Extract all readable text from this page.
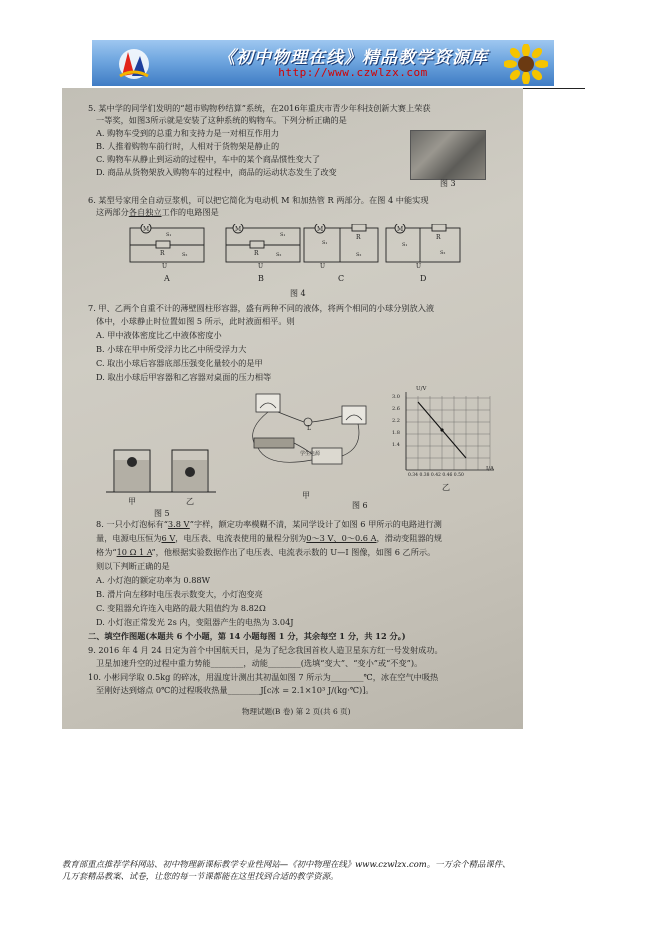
《初中物理在线》精品教学资源库
http://www.czwlzx.com
5. 某中学的同学们发明的“超市购物秒结算”系统，在2016年重庆市青少年科技创新大赛上荣获
一等奖，如图3所示就是安装了这种系统的购物车。下列分析正确的是
A. 购物车受到的总重力和支持力是一对相互作用力
B. 人推着购物车前行时，人相对于货物架是静止的
C. 购物车从静止到运动的过程中，车中的某个商品惯性变大了
D. 商品从货物架放入购物车的过程中，商品的运动状态发生了改变
图 3
6. 某型号家用全自动豆浆机，可以把它简化为电动机 M 和加热管 R 两部分。在图 4 中能实现
这两部分各自独立工作的电路图是
M
R
S₁
S₂
U
M
R
S₁
S₂
U
M
R
S₁
S₂
U
M
R
S₁
S₂
U
A	B	C	D
图 4
7. 甲、乙两个自重不计的薄壁圆柱形容器，盛有两种不同的液体，将两个相同的小球分别放入液
体中，小球静止时位置如图 5 所示，此时液面相平。则
A. 甲中液体密度比乙中液体密度小
B. 小球在甲中所受浮力比乙中所受浮力大
C. 取出小球后容器底部压强变化量较小的是甲
D. 取出小球后甲容器和乙容器对桌面的压力相等
甲	乙
图 5
L
学生电源
甲
U/V
I/A
3.0
2.6
2.2
1.8
1.4
0.34 0.38 0.42 0.46 0.50
乙
图 6
8. 一只小灯泡标有“3.8 V”字样，额定功率模糊不清，某同学设计了如图 6 甲所示的电路进行测
量，电源电压恒为6 V，电压表、电流表使用的量程分别为0～3 V、0～0.6 A，滑动变阻器的规
格为“10 Ω 1 A”，他根据实验数据作出了电压表、电流表示数的 U—I 图像，如图 6 乙所示。
则以下判断正确的是
A. 小灯泡的额定功率为 0.88W
B. 滑片向左移时电压表示数变大，小灯泡变亮
C. 变阻器允许连入电路的最大阻值约为 8.82Ω
D. 小灯泡正常发光 2s 内，变阻器产生的电热为 3.04J
二、填空作图题(本题共 6 个小题，第 14 小题每图 1 分，其余每空 1 分，共 12 分。)
9. 2016 年 4 月 24 日定为首个中国航天日，是为了纪念我国首枚人造卫星东方红一号发射成功。
卫星加速升空的过程中重力势能________，动能________(选填“变大”、“变小”或“不变”)。
10. 小彬同学取 0.5kg 的碎冰，用温度计测出其初温如图 7 所示为________℃，冰在空气中吸热
至刚好达到熔点 0℃的过程吸收热量________J[c冰 = 2.1×10³ J/(kg·℃)]。
物理试题(B 卷) 第 2 页(共 6 页)
教育部重点推荐学科网站、初中物理新课标教学专业性网站—《初中物理在线》www.czwlzx.com。一万余个精品课件、
几万套精品教案、试卷，让您的每一节课都能在这里找到合适的教学资源。
